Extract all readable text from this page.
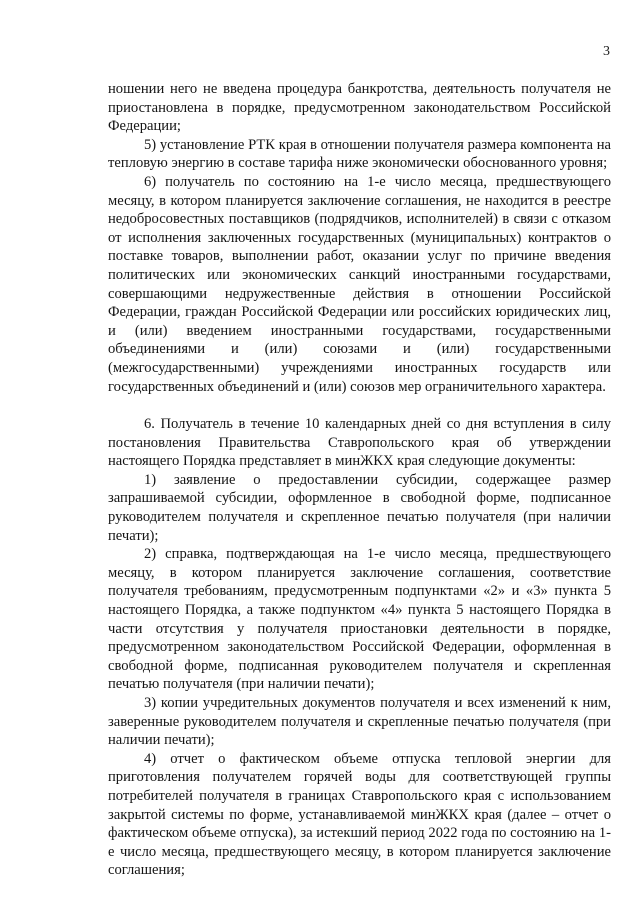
3

ношении него не введена процедура банкротства, деятельность получателя не приостановлена в порядке, предусмотренном законодательством Российской Федерации;

5) установление РТК края в отношении получателя размера компонента на тепловую энергию в составе тарифа ниже экономически обоснованного уровня;

6) получатель по состоянию на 1-е число месяца, предшествующего месяцу, в котором планируется заключение соглашения, не находится в реестре недобросовестных поставщиков (подрядчиков, исполнителей) в связи с отказом от исполнения заключенных государственных (муниципальных) контрактов о поставке товаров, выполнении работ, оказании услуг по причине введения политических или экономических санкций иностранными государствами, совершающими недружественные действия в отношении Российской Федерации, граждан Российской Федерации или российских юридических лиц, и (или) введением иностранными государствами, государственными объединениями и (или) союзами и (или) государственными (межгосударственными) учреждениями иностранных государств или государственных объединений и (или) союзов мер ограничительного характера.

6. Получатель в течение 10 календарных дней со дня вступления в силу постановления Правительства Ставропольского края об утверждении настоящего Порядка представляет в минЖКХ края следующие документы:

1) заявление о предоставлении субсидии, содержащее размер запрашиваемой субсидии, оформленное в свободной форме, подписанное руководителем получателя и скрепленное печатью получателя (при наличии печати);

2) справка, подтверждающая на 1-е число месяца, предшествующего месяцу, в котором планируется заключение соглашения, соответствие получателя требованиям, предусмотренным подпунктами «2» и «3» пункта 5 настоящего Порядка, а также подпунктом «4» пункта 5 настоящего Порядка в части отсутствия у получателя приостановки деятельности в порядке, предусмотренном законодательством Российской Федерации, оформленная в свободной форме, подписанная руководителем получателя и скрепленная печатью получателя (при наличии печати);

3) копии учредительных документов получателя и всех изменений к ним, заверенные руководителем получателя и скрепленные печатью получателя (при наличии печати);

4) отчет о фактическом объеме отпуска тепловой энергии для приготовления получателем горячей воды для соответствующей группы потребителей получателя в границах Ставропольского края с использованием закрытой системы по форме, устанавливаемой минЖКХ края (далее – отчет о фактическом объеме отпуска), за истекший период 2022 года по состоянию на 1-е число месяца, предшествующего месяцу, в котором планируется заключение соглашения;
